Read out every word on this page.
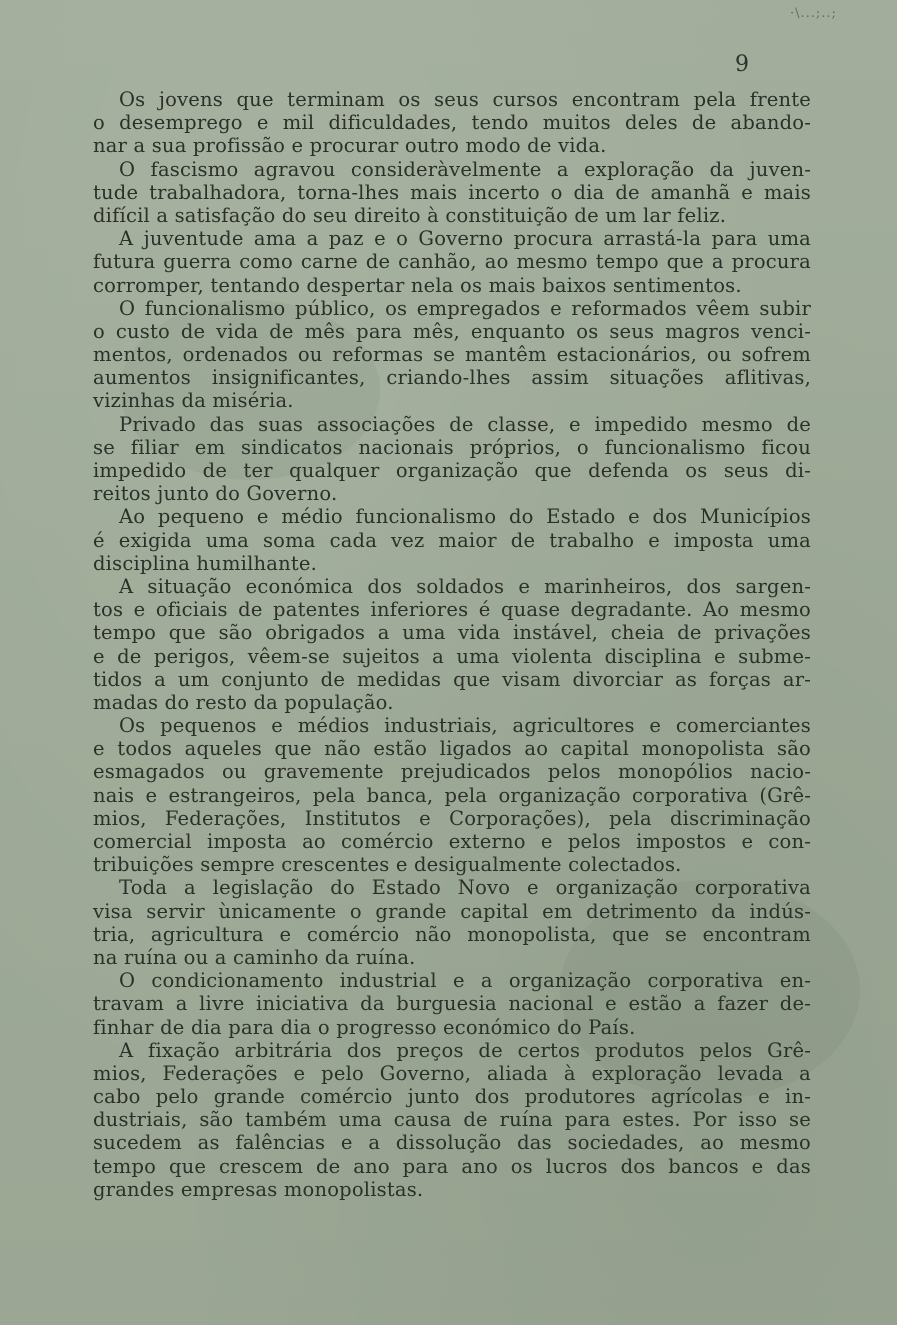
·\...;..;
9
Os jovens que terminam os seus cursos encontram pela frente
o desemprego e mil dificuldades, tendo muitos deles de abando-
nar a sua profissão e procurar outro modo de vida.
O fascismo agravou consideràvelmente a exploração da juven-
tude trabalhadora, torna-lhes mais incerto o dia de amanhã e mais
difícil a satisfação do seu direito à constituição de um lar feliz.
A juventude ama a paz e o Governo procura arrastá-la para uma
futura guerra como carne de canhão, ao mesmo tempo que a procura
corromper, tentando despertar nela os mais baixos sentimentos.
O funcionalismo público, os empregados e reformados vêem subir
o custo de vida de mês para mês, enquanto os seus magros venci-
mentos, ordenados ou reformas se mantêm estacionários, ou sofrem
aumentos insignificantes, criando-lhes assim situações aflitivas,
vizinhas da miséria.
Privado das suas associações de classe, e impedido mesmo de
se filiar em sindicatos nacionais próprios, o funcionalismo ficou
impedido de ter qualquer organização que defenda os seus di-
reitos junto do Governo.
Ao pequeno e médio funcionalismo do Estado e dos Municípios
é exigida uma soma cada vez maior de trabalho e imposta uma
disciplina humilhante.
A situação económica dos soldados e marinheiros, dos sargen-
tos e oficiais de patentes inferiores é quase degradante. Ao mesmo
tempo que são obrigados a uma vida instável, cheia de privações
e de perigos, vêem-se sujeitos a uma violenta disciplina e subme-
tidos a um conjunto de medidas que visam divorciar as forças ar-
madas do resto da população.
Os pequenos e médios industriais, agricultores e comerciantes
e todos aqueles que não estão ligados ao capital monopolista são
esmagados ou gravemente prejudicados pelos monopólios nacio-
nais e estrangeiros, pela banca, pela organização corporativa (Grê-
mios, Federações, Institutos e Corporações), pela discriminação
comercial imposta ao comércio externo e pelos impostos e con-
tribuições sempre crescentes e desigualmente colectados.
Toda a legislação do Estado Novo e organização corporativa
visa servir ùnicamente o grande capital em detrimento da indús-
tria, agricultura e comércio não monopolista, que se encontram
na ruína ou a caminho da ruína.
O condicionamento industrial e a organização corporativa en-
travam a livre iniciativa da burguesia nacional e estão a fazer de-
finhar de dia para dia o progresso económico do País.
A fixação arbitrária dos preços de certos produtos pelos Grê-
mios, Federações e pelo Governo, aliada à exploração levada a
cabo pelo grande comércio junto dos produtores agrícolas e in-
dustriais, são também uma causa de ruína para estes. Por isso se
sucedem as falências e a dissolução das sociedades, ao mesmo
tempo que crescem de ano para ano os lucros dos bancos e das
grandes empresas monopolistas.
